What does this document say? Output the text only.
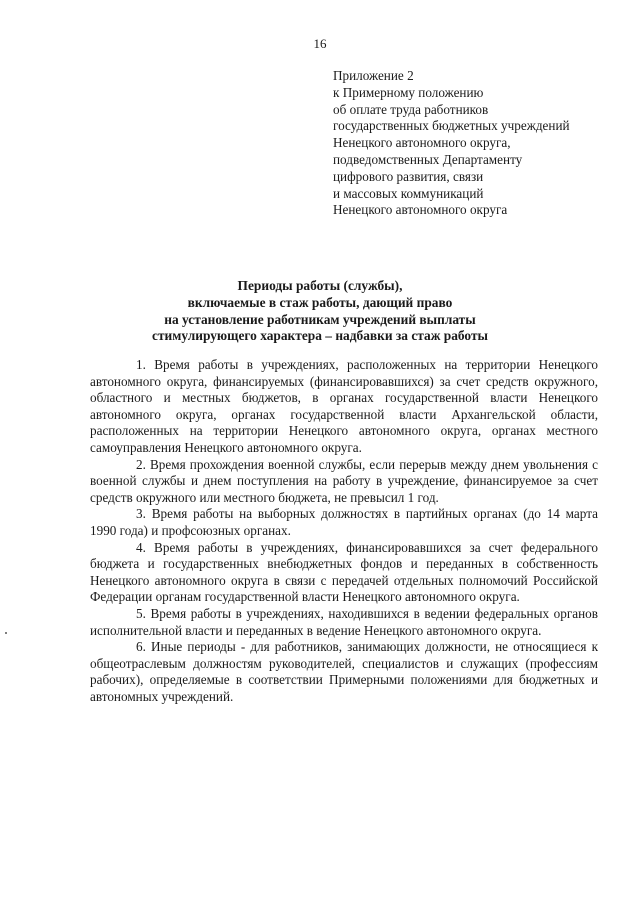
16
Приложение 2
к Примерному положению
об оплате труда работников
государственных бюджетных учреждений
Ненецкого автономного округа,
подведомственных Департаменту
цифрового развития, связи
и массовых коммуникаций
Ненецкого автономного округа
Периоды работы (службы),
включаемые в стаж работы, дающий право
на установление работникам учреждений выплаты
стимулирующего характера – надбавки за стаж работы

1. Время работы в учреждениях, расположенных на территории Ненецкого автономного округа, финансируемых (финансировавшихся) за счет средств окружного, областного и местных бюджетов, в органах государственной власти Ненецкого автономного округа, органах государственной власти Архангельской области, расположенных на территории Ненецкого автономного округа, органах местного самоуправления Ненецкого автономного округа.

2. Время прохождения военной службы, если перерыв между днем увольнения с военной службы и днем поступления на работу в учреждение, финансируемое за счет средств окружного или местного бюджета, не превысил 1 год.

3. Время работы на выборных должностях в партийных органах (до 14 марта 1990 года) и профсоюзных органах.

4. Время работы в учреждениях, финансировавшихся за счет федерального бюджета и государственных внебюджетных фондов и переданных в собственность Ненецкого автономного округа в связи с передачей отдельных полномочий Российской Федерации органам государственной власти Ненецкого автономного округа.

5. Время работы в учреждениях, находившихся в ведении федеральных органов исполнительной власти и переданных в ведение Ненецкого автономного округа.

6. Иные периоды - для работников, занимающих должности, не относящиеся к общеотраслевым должностям руководителей, специалистов и служащих (профессиям рабочих), определяемые в соответствии Примерными положениями для бюджетных и автономных учреждений.
